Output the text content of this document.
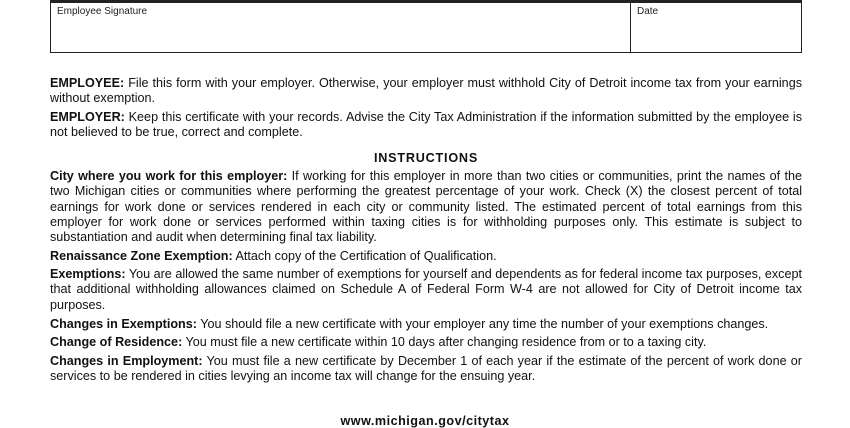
Employee Signature	Date
EMPLOYEE: File this form with your employer. Otherwise, your employer must withhold City of Detroit income tax from your earnings without exemption.
EMPLOYER: Keep this certificate with your records. Advise the City Tax Administration if the information submitted by the employee is not believed to be true, correct and complete.
INSTRUCTIONS
City where you work for this employer: If working for this employer in more than two cities or communities, print the names of the two Michigan cities or communities where performing the greatest percentage of your work. Check (X) the closest percent of total earnings for work done or services rendered in each city or community listed. The estimated percent of total earnings from this employer for work done or services performed within taxing cities is for withholding purposes only. This estimate is subject to substantiation and audit when determining final tax liability.
Renaissance Zone Exemption: Attach copy of the Certification of Qualification.
Exemptions: You are allowed the same number of exemptions for yourself and dependents as for federal income tax purposes, except that additional withholding allowances claimed on Schedule A of Federal Form W-4 are not allowed for City of Detroit income tax purposes.
Changes in Exemptions: You should file a new certificate with your employer any time the number of your exemptions changes.
Change of Residence: You must file a new certificate within 10 days after changing residence from or to a taxing city.
Changes in Employment: You must file a new certificate by December 1 of each year if the estimate of the percent of work done or services to be rendered in cities levying an income tax will change for the ensuing year.
www.michigan.gov/citytax
